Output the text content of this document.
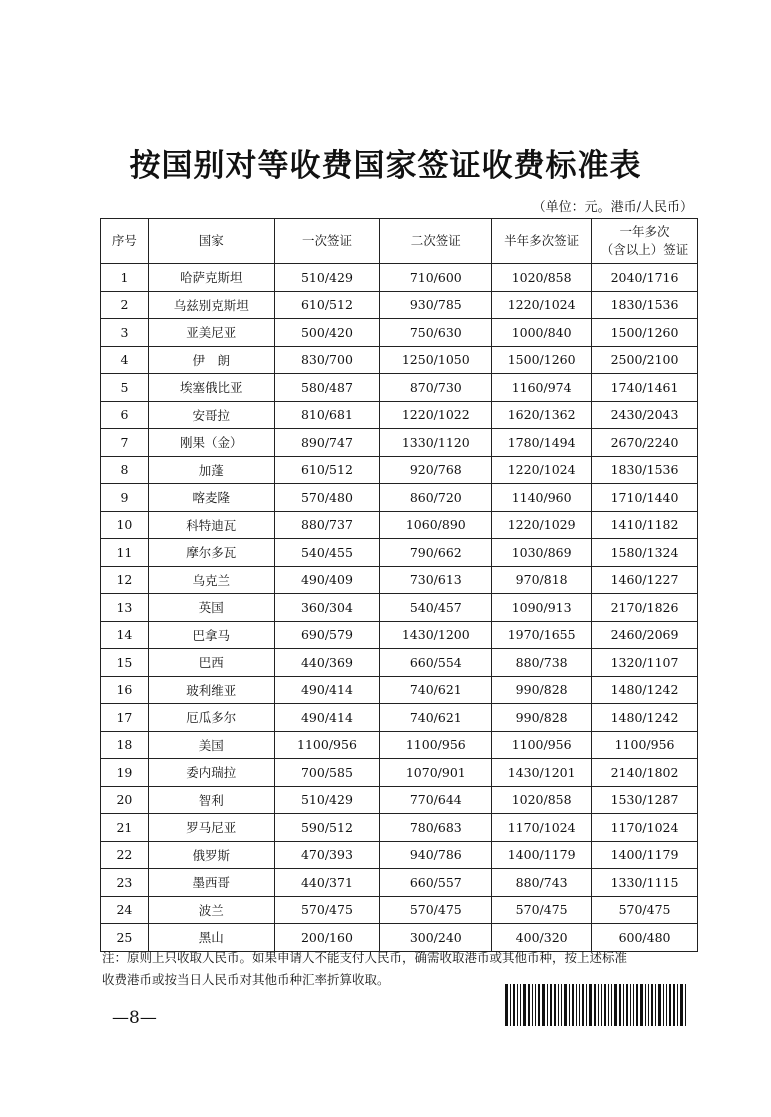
按国别对等收费国家签证收费标准表
（单位：元。港币/人民币）
序号	国家	一次签证	二次签证	半年多次签证	一年多次
（含以上）签证

1	哈萨克斯坦	510/429	710/600	1020/858	2040/1716
2	乌兹别克斯坦	610/512	930/785	1220/1024	1830/1536
3	亚美尼亚	500/420	750/630	1000/840	1500/1260
4	伊　朗	830/700	1250/1050	1500/1260	2500/2100
5	埃塞俄比亚	580/487	870/730	1160/974	1740/1461
6	安哥拉	810/681	1220/1022	1620/1362	2430/2043
7	刚果（金）	890/747	1330/1120	1780/1494	2670/2240
8	加蓬	610/512	920/768	1220/1024	1830/1536
9	喀麦隆	570/480	860/720	1140/960	1710/1440
10	科特迪瓦	880/737	1060/890	1220/1029	1410/1182
11	摩尔多瓦	540/455	790/662	1030/869	1580/1324
12	乌克兰	490/409	730/613	970/818	1460/1227
13	英国	360/304	540/457	1090/913	2170/1826
14	巴拿马	690/579	1430/1200	1970/1655	2460/2069
15	巴西	440/369	660/554	880/738	1320/1107
16	玻利维亚	490/414	740/621	990/828	1480/1242
17	厄瓜多尔	490/414	740/621	990/828	1480/1242
18	美国	1100/956	1100/956	1100/956	1100/956
19	委内瑞拉	700/585	1070/901	1430/1201	2140/1802
20	智利	510/429	770/644	1020/858	1530/1287
21	罗马尼亚	590/512	780/683	1170/1024	1170/1024
22	俄罗斯	470/393	940/786	1400/1179	1400/1179
23	墨西哥	440/371	660/557	880/743	1330/1115
24	波兰	570/475	570/475	570/475	570/475
25	黑山	200/160	300/240	400/320	600/480
注：原则上只收取人民币。如果申请人不能支付人民币，确需收取港币或其他币种，按上述标准
收费港币或按当日人民币对其他币种汇率折算收取。
—8—
